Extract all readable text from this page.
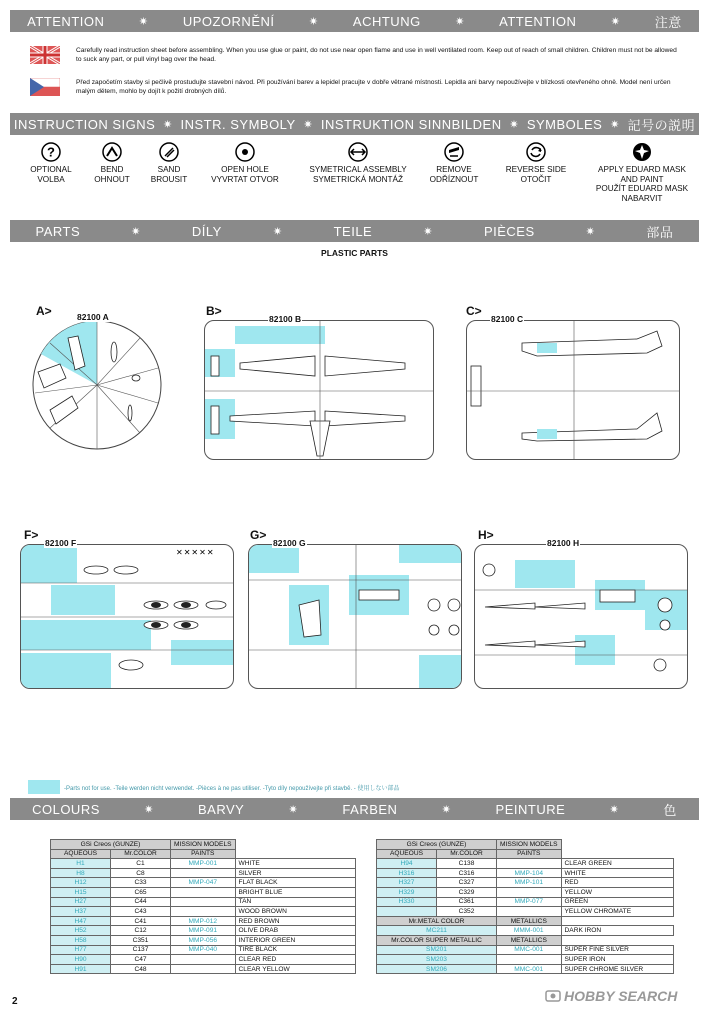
ATTENTION	✷	UPOZORNĚNÍ	✷	ACHTUNG	✷	ATTENTION	✷	注意

Carefully read instruction sheet before assembling. When you use glue or paint, do not use near open flame and use in well ventilated room. Keep out of reach of small children. Children must not be allowed to suck any part, or pull vinyl bag over the head.

Před započetím stavby si pečlivě prostudujte stavební návod. Při používání barev a lepidel pracujte v dobře větrané místnosti. Lepidla ani barvy nepoužívejte v blízkosti otevřeného ohně. Model není určen malým dětem, mohlo by dojít k požití drobných dílů.

INSTRUCTION SIGNS ✷ INSTR. SYMBOLY ✷ INSTRUKTION SINNBILDEN ✷ SYMBOLES ✷ 記号の説明
?
OPTIONAL
VOLBA
BEND
OHNOUT
SAND
BROUSIT
OPEN HOLE
VYVRTAT OTVOR
SYMETRICAL ASSEMBLY
SYMETRICKÁ MONTÁŽ
REMOVE
ODŘÍZNOUT
REVERSE SIDE
OTOČIT
APPLY EDUARD MASK
AND PAINT
POUŽÍT EDUARD MASK NABARVIT
PARTS	✷	DÍLY	✷	TEILE	✷	PIÈCES	✷	部品
PLASTIC PARTS
A>	82100 A	B>
82100 B
C>
82100 C
F>
✕✕✕✕✕
82100 F
G>
82100 G
H>
82100 H
-Parts not for use. -Teile werden nicht verwendet. -Pièces à ne pas utiliser. -Tyto díly nepoužívejte při stavbě. - 使用しない部品
COLOURS	✷	BARVY	✷	FARBEN	✷	PEINTURE	✷	色
GSi Creos (GUNZE)		MISSION MODELS	
AQUEOUS	Mr.COLOR	PAINTS	
H1	C1	MMP-001	WHITE
H8	C8		SILVER
H12	C33	MMP-047	FLAT BLACK
H15	C65		BRIGHT BLUE
H27	C44		TAN
H37	C43		WOOD BROWN
H47	C41	MMP-012	RED BROWN
H52	C12	MMP-091	OLIVE DRAB
H58	C351	MMP-056	INTERIOR GREEN
H77	C137	MMP-040	TIRE BLACK
H90	C47		CLEAR RED
H91	C48		CLEAR YELLOW
GSi Creos (GUNZE)		MISSION MODELS	
AQUEOUS	Mr.COLOR	PAINTS	
H94	C138		CLEAR GREEN
H316	C316	MMP-104	WHITE
H327	C327	MMP-101	RED
H329	C329		YELLOW
H330	C361	MMP-077	GREEN
	C352		YELLOW CHROMATE
Mr.METAL COLOR		METALLICS	
MC211		MMM-001	DARK IRON
Mr.COLOR SUPER METALLIC		METALLICS	
SM201		MMC-001	SUPER FINE SILVER
SM203			SUPER IRON
SM206		MMC-001	SUPER CHROME SILVER
2	HOBBY SEARCH
